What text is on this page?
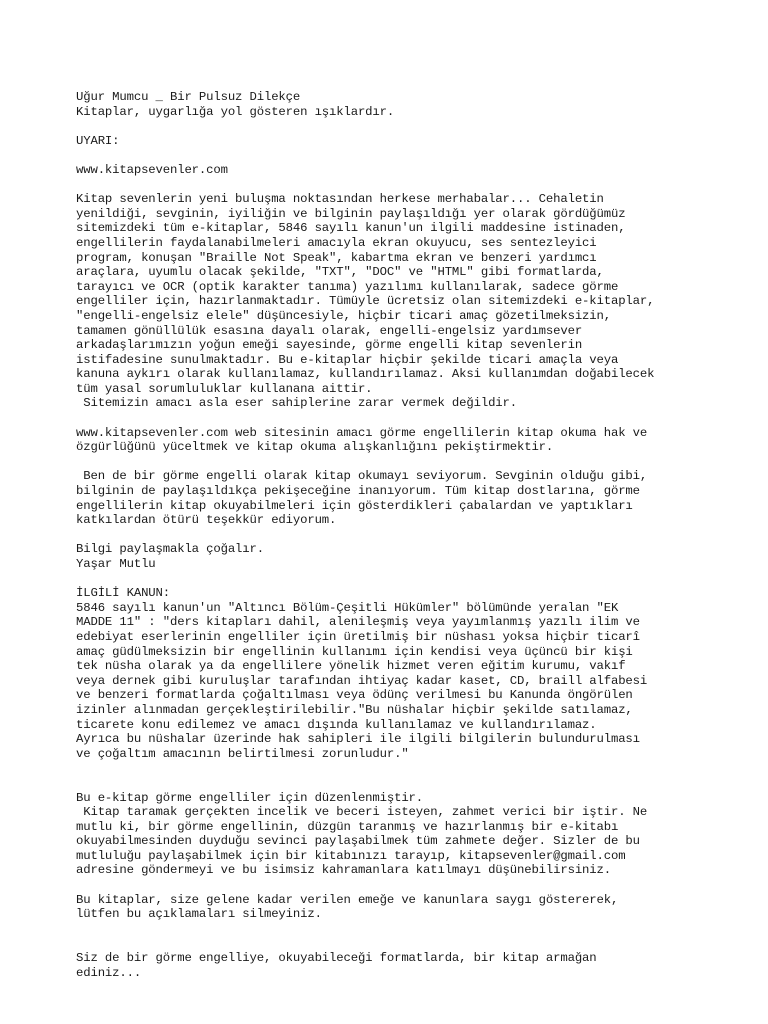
Uğur Mumcu _ Bir Pulsuz Dilekçe
Kitaplar, uygarlığa yol gösteren ışıklardır.
UYARI:
www.kitapsevenler.com
Kitap sevenlerin yeni buluşma noktasından herkese merhabalar... Cehaletin
yenildiği, sevginin, iyiliğin ve bilginin paylaşıldığı yer olarak gördüğümüz
sitemizdeki tüm e-kitaplar, 5846 sayılı kanun'un ilgili maddesine istinaden,
engellilerin faydalanabilmeleri amacıyla ekran okuyucu, ses sentezleyici
program, konuşan "Braille Not Speak", kabartma ekran ve benzeri yardımcı
araçlara, uyumlu olacak şekilde, "TXT", "DOC" ve "HTML" gibi formatlarda,
tarayıcı ve OCR (optik karakter tanıma) yazılımı kullanılarak, sadece görme
engelliler için, hazırlanmaktadır. Tümüyle ücretsiz olan sitemizdeki e-kitaplar,
"engelli-engelsiz elele" düşüncesiyle, hiçbir ticari amaç gözetilmeksizin,
tamamen gönüllülük esasına dayalı olarak, engelli-engelsiz yardımsever
arkadaşlarımızın yoğun emeği sayesinde, görme engelli kitap sevenlerin
istifadesine sunulmaktadır. Bu e-kitaplar hiçbir şekilde ticari amaçla veya
kanuna aykırı olarak kullanılamaz, kullandırılamaz. Aksi kullanımdan doğabilecek
tüm yasal sorumluluklar kullanana aittir.
Sitemizin amacı asla eser sahiplerine zarar vermek değildir.
www.kitapsevenler.com web sitesinin amacı görme engellilerin kitap okuma hak ve
özgürlüğünü yüceltmek ve kitap okuma alışkanlığını pekiştirmektir.
Ben de bir görme engelli olarak kitap okumayı seviyorum. Sevginin olduğu gibi,
bilginin de paylaşıldıkça pekişeceğine inanıyorum. Tüm kitap dostlarına, görme
engellilerin kitap okuyabilmeleri için gösterdikleri çabalardan ve yaptıkları
katkılardan ötürü teşekkür ediyorum.
Bilgi paylaşmakla çoğalır.
Yaşar Mutlu
İLGİLİ KANUN:
5846 sayılı kanun'un "Altıncı Bölüm-Çeşitli Hükümler" bölümünde yeralan "EK
MADDE 11" : "ders kitapları dahil, alenileşmiş veya yayımlanmış yazılı ilim ve
edebiyat eserlerinin engelliler için üretilmiş bir nüshası yoksa hiçbir ticarî
amaç güdülmeksizin bir engellinin kullanımı için kendisi veya üçüncü bir kişi
tek nüsha olarak ya da engellilere yönelik hizmet veren eğitim kurumu, vakıf
veya dernek gibi kuruluşlar tarafından ihtiyaç kadar kaset, CD, braill alfabesi
ve benzeri formatlarda çoğaltılması veya ödünç verilmesi bu Kanunda öngörülen
izinler alınmadan gerçekleştirilebilir."Bu nüshalar hiçbir şekilde satılamaz,
ticarete konu edilemez ve amacı dışında kullanılamaz ve kullandırılamaz.
Ayrıca bu nüshalar üzerinde hak sahipleri ile ilgili bilgilerin bulundurulması
ve çoğaltım amacının belirtilmesi zorunludur."
Bu e-kitap görme engelliler için düzenlenmiştir.
Kitap taramak gerçekten incelik ve beceri isteyen, zahmet verici bir iştir. Ne
mutlu ki, bir görme engellinin, düzgün taranmış ve hazırlanmış bir e-kitabı
okuyabilmesinden duyduğu sevinci paylaşabilmek tüm zahmete değer. Sizler de bu
mutluluğu paylaşabilmek için bir kitabınızı tarayıp, kitapsevenler@gmail.com
adresine göndermeyi ve bu isimsiz kahramanlara katılmayı düşünebilirsiniz.
Bu kitaplar, size gelene kadar verilen emeğe ve kanunlara saygı göstererek,
lütfen bu açıklamaları silmeyiniz.
Siz de bir görme engelliye, okuyabileceği formatlarda, bir kitap armağan
ediniz...
